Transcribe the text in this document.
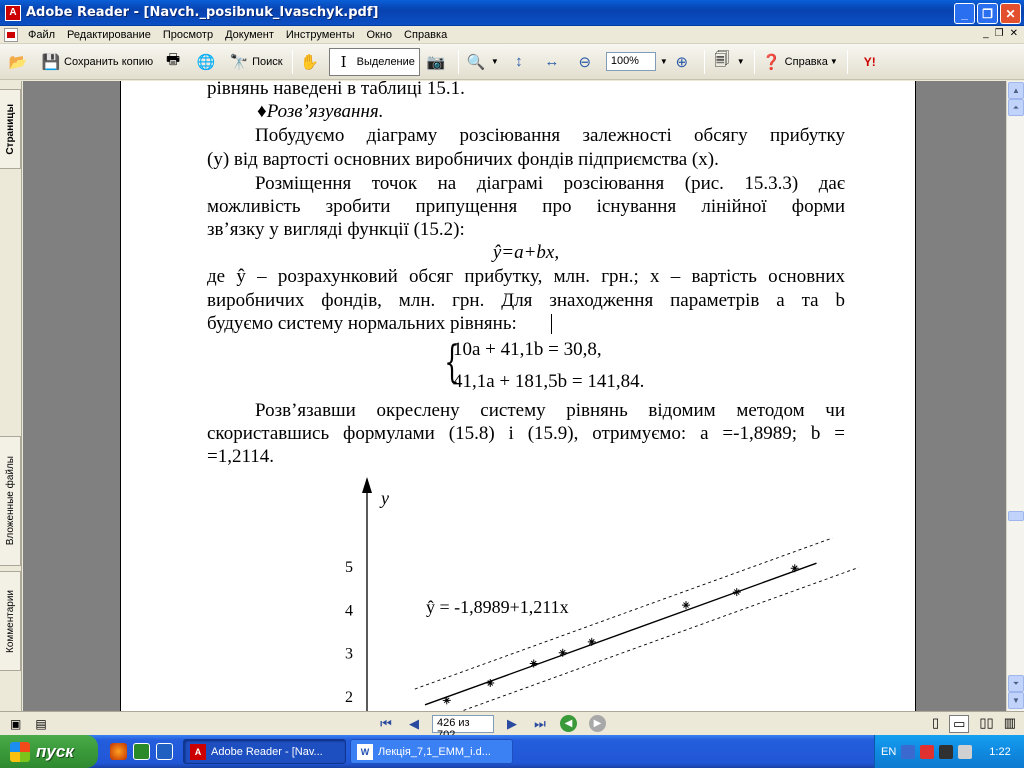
A Adobe Reader - [Navch._posibnuk_Ivaschyk.pdf]	_	❐	✕
Файл	Редактирование	Просмотр	Документ	Инструменты	Окно	Справка	_ ❐ ✕
📂 💾 Сохранить копию 🖶 🌐 🔭 Поиск ✋	I Выделение 📷 🔍 ▼	↕	↔ ⊖	100%	▼ ⊕ 🗐 ▼ ❓ Справка ▼	Y!
Страницы
Вложенные файлы
Комментарии
рівнянь наведені в таблиці 15.1.
♦Розв’язування.
Побудуємо діаграму розсіювання залежності обсягу прибутку
(y) від вартості основних виробничих фондів підприємства (x).
Розміщення точок на діаграмі розсіювання (рис. 15.3.3) дає
можливість зробити припущення про існування лінійної форми
зв’язку у вигляді функції (15.2):
ŷ=a+bx,
де ŷ – розрахунковий обсяг прибутку, млн. грн.; x – вартість основних
виробничих фондів, млн. грн. Для знаходження параметрів a та b
будуємо систему нормальних рівнянь:
{
10a + 41,1b = 30,8,
41,1a + 181,5b = 141,84.
Розв’язавши окреслену систему рівнянь відомим методом чи
скориставшись формулами (15.8) і (15.9), отримуємо: a =-1,8989; b =
=1,2114.
y
2
3
4
5
ŷ = -1,8989+1,211x
▲
⏶
⏷
▼
▣ ▤	⏮	◀	426 из	▶	⏭	◀	▶	▯	▭	▯▯ ▥
пуск	A Adobe Reader - [Nav...	W Лекція_7,1_ЕММ_i.d...	EN	1:22
